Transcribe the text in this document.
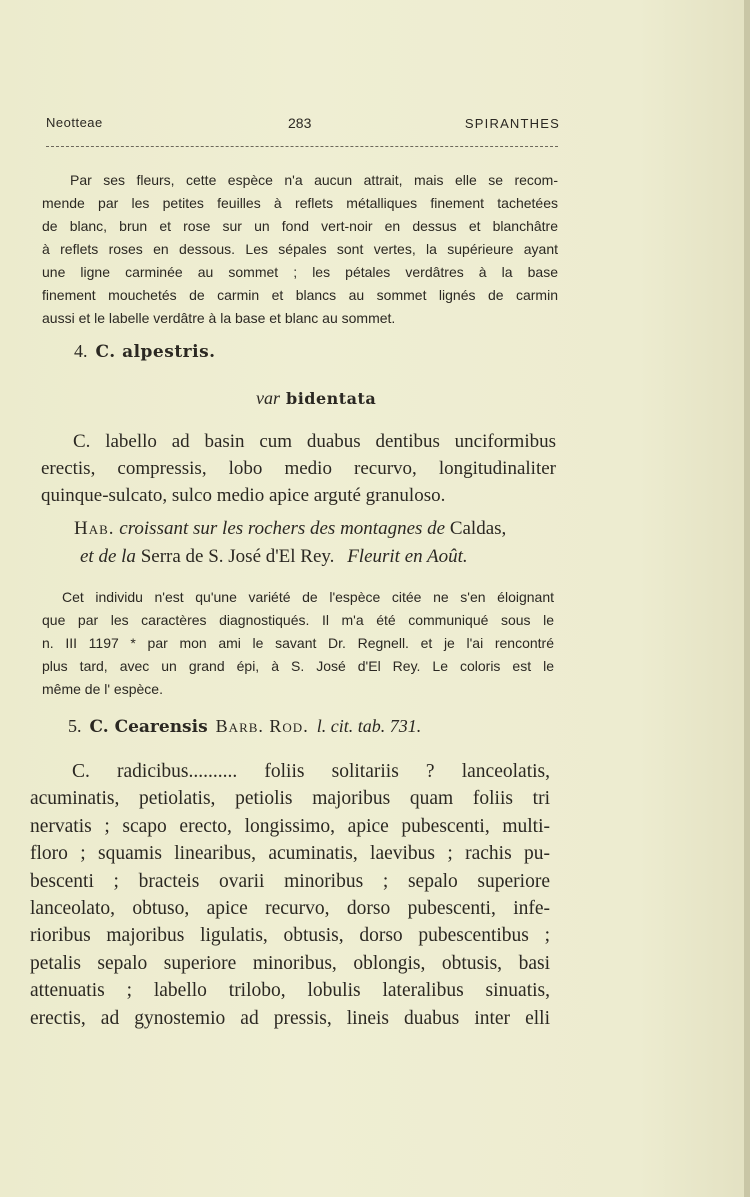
Neotteae	283	SPIRANTHES
Par ses fleurs, cette espèce n'a aucun attrait, mais elle se recom-
mende par les petites feuilles à reflets métalliques finement tachetées
de blanc, brun et rose sur un fond vert-noir en dessus et blanchâtre
à reflets roses en dessous. Les sépales sont vertes, la supérieure ayant
une ligne carminée au sommet ; les pétales verdâtres à la base
finement mouchetés de carmin et blancs au sommet lignés de carmin
aussi et le labelle verdâtre à la base et blanc au sommet.
4. C. alpestris.
var bidentata
C. labello ad basin cum duabus dentibus unciformibus
erectis, compressis, lobo medio recurvo, longitudinaliter
quinque-sulcato, sulco medio apice arguté granuloso.
Hab. croissant sur les rochers des montagnes de Caldas,
et de la Serra de S. José d'El Rey. Fleurit en Août.
Cet individu n'est qu'une variété de l'espèce citée ne s'en éloignant
que par les caractères diagnostiqués. Il m'a été communiqué sous le
n. III 1197 * par mon ami le savant Dr. Regnell. et je l'ai rencontré
plus tard, avec un grand épi, à S. José d'El Rey. Le coloris est le
même de l' espèce.
5. C. Cearensis Barb. Rod. l. cit. tab. 731.
C. radicibus.......... foliis solitariis ? lanceolatis,
acuminatis, petiolatis, petiolis majoribus quam foliis tri
nervatis ; scapo erecto, longissimo, apice pubescenti, multi-
floro ; squamis linearibus, acuminatis, laevibus ; rachis pu-
bescenti ; bracteis ovarii minoribus ; sepalo superiore
lanceolato, obtuso, apice recurvo, dorso pubescenti, infe-
rioribus majoribus ligulatis, obtusis, dorso pubescentibus ;
petalis sepalo superiore minoribus, oblongis, obtusis, basi
attenuatis ; labello trilobo, lobulis lateralibus sinuatis,
erectis, ad gynostemio ad pressis, lineis duabus inter elli
